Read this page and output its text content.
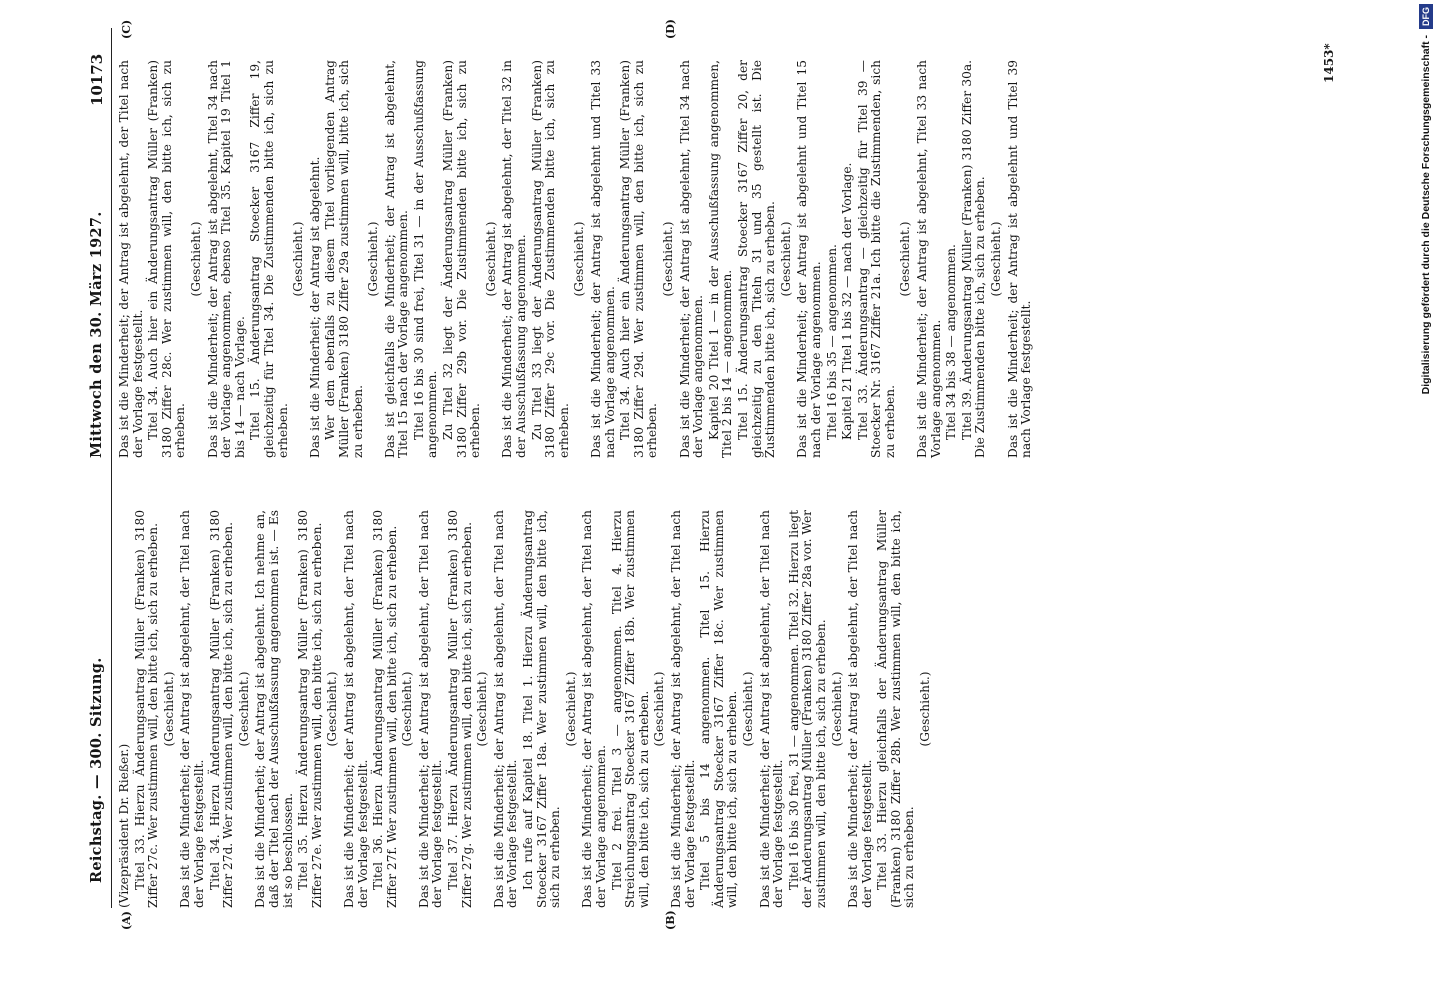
Reichstag. — 300. Sitzung.
Mittwoch den 30. März 1927.
10173
(A)	(B)
(C)	(D)

(Vizepräsident Dr. Rießer.) Titel 33. Hierzu Änderungsantrag Müller (Franken) 3180 Ziffer 27c. Wer zustimmen will, den bitte ich, sich zu erheben. (Geschieht.) Das ist die Minderheit; der Antrag ist abgelehnt, der Titel nach der Vorlage festgestellt. Titel 34. Hierzu Änderungsantrag Müller (Franken) 3180 Ziffer 27d. Wer zustimmen will, den bitte ich, sich zu erheben. (Geschieht.) Das ist die Minderheit; der Antrag ist abgelehnt. Ich nehme an, daß der Titel nach der Ausschußfassung angenommen ist. — Es ist so beschlossen. Titel 35. Hierzu Änderungsantrag Müller (Franken) 3180 Ziffer 27e. Wer zustimmen will, den bitte ich, sich zu erheben. (Geschieht.) Das ist die Minderheit; der Antrag ist abgelehnt, der Titel nach der Vorlage festgestellt. Titel 36. Hierzu Änderungsantrag Müller (Franken) 3180 Ziffer 27f. Wer zustimmen will, den bitte ich, sich zu erheben. (Geschieht.) Das ist die Minderheit; der Antrag ist abgelehnt, der Titel nach der Vorlage festgestellt. Titel 37. Hierzu Änderungsantrag Müller (Franken) 3180 Ziffer 27g. Wer zustimmen will, den bitte ich, sich zu erheben. (Geschieht.) Das ist die Minderheit; der Antrag ist abgelehnt, der Titel nach der Vorlage festgestellt. Ich rufe auf Kapitel 18. Titel 1. Hierzu Änderungsantrag Stoecker 3167 Ziffer 18a. Wer zustimmen will, den bitte ich, sich zu erheben.

(Geschieht.) Das ist die Minderheit; der Antrag ist abgelehnt, der Titel nach der Vorlage angenommen. Titel 2 frei. Titel 3 — angenommen. Titel 4. Hierzu Streichungsantrag Stoecker 3167 Ziffer 18b. Wer zustimmen will, den bitte ich, sich zu erheben. (Geschieht.) Das ist die Minderheit; der Antrag ist abgelehnt, der Titel nach der Vorlage festgestellt. Titel 5 bis 14 angenommen. Titel 15. Hierzu Änderungsantrag Stoecker 3167 Ziffer 18c. Wer zustimmen will, den bitte ich, sich zu erheben. (Geschieht.) Das ist die Minderheit; der Antrag ist abgelehnt, der Titel nach der Vorlage festgestellt. Titel 16 bis 30 frei, 31 — angenommen. Titel 32. Hierzu liegt der Änderungsantrag Müller (Franken) 3180 Ziffer 28a vor. Wer zustimmen will, den bitte ich, sich zu erheben. (Geschieht.) Das ist die Minderheit; der Antrag ist abgelehnt, der Titel nach der Vorlage festgestellt. Titel 33. Hierzu gleichfalls der Änderungsantrag Müller (Franken) 3180 Ziffer 28b. Wer zustimmen will, den bitte ich, sich zu erheben.

(Geschieht.)

Das ist die Minderheit; der Antrag ist abgelehnt, der Titel nach der Vorlage festgestellt. Titel 34. Auch hier ein Änderungsantrag Müller (Franken) 3180 Ziffer 28c. Wer zustimmen will, den bitte ich, sich zu erheben.

(Geschieht.) Das ist die Minderheit; der Antrag ist abgelehnt, Titel 34 nach der Vorlage angenommen, ebenso Titel 35. Kapitel 19 Titel 1 bis 14 — nach Vorlage. Titel 15. Änderungsantrag Stoecker 3167 Ziffer 19, gleichzeitig für Titel 34. Die Zustimmenden bitte ich, sich zu erheben.

(Geschieht.) Das ist die Minderheit; der Antrag ist abgelehnt. Wer dem ebenfalls zu diesem Titel vorliegenden Antrag Müller (Franken) 3180 Ziffer 29a zustimmen will, bitte ich, sich zu erheben.

(Geschieht.) Das ist gleichfalls die Minderheit; der Antrag ist abgelehnt, Titel 15 nach der Vorlage angenommen. Titel 16 bis 30 sind frei, Titel 31 — in der Ausschußfassung angenommen. Zu Titel 32 liegt der Änderungsantrag Müller (Franken) 3180 Ziffer 29b vor. Die Zustimmenden bitte ich, sich zu erheben.

(Geschieht.) Das ist die Minderheit; der Antrag ist abgelehnt, der Titel 32 in der Ausschußfassung angenommen. Zu Titel 33 liegt der Änderungsantrag Müller (Franken) 3180 Ziffer 29c vor. Die Zustimmenden bitte ich, sich zu erheben.

(Geschieht.) Das ist die Minderheit; der Antrag ist abgelehnt und Titel 33 nach Vorlage angenommen. Titel 34. Auch hier ein Änderungsantrag Müller (Franken) 3180 Ziffer 29d. Wer zustimmen will, den bitte ich, sich zu erheben.

(Geschieht.) Das ist die Minderheit; der Antrag ist abgelehnt, Titel 34 nach der Vorlage angenommen. Kapitel 20 Titel 1 — in der Ausschußfassung angenommen, Titel 2 bis 14 — angenommen. Titel 15. Änderungsantrag Stoecker 3167 Ziffer 20, der gleichzeitig zu den Titeln 31 und 35 gestellt ist. Die Zustimmenden bitte ich, sich zu erheben. (Geschieht.) Das ist die Minderheit; der Antrag ist abgelehnt und Titel 15 nach der Vorlage angenommen. Titel 16 bis 35 — angenommen. Kapitel 21 Titel 1 bis 32 — nach der Vorlage. Titel 33. Änderungsantrag — gleichzeitig für Titel 39 — Stoecker Nr. 3167 Ziffer 21a. Ich bitte die Zustimmenden, sich zu erheben.

(Geschieht.) Das ist die Minderheit; der Antrag ist abgelehnt, Titel 33 nach Vorlage angenommen. Titel 34 bis 38 — angenommen. Titel 39. Änderungsantrag Müller (Franken) 3180 Ziffer 30a. Die Zustimmenden bitte ich, sich zu erheben. (Geschieht.) Das ist die Minderheit; der Antrag ist abgelehnt und Titel 39 nach Vorlage festgestellt.

1453*	Digitalisierung gefördert durch die Deutsche Forschungsgemeinschaft -
DFG
